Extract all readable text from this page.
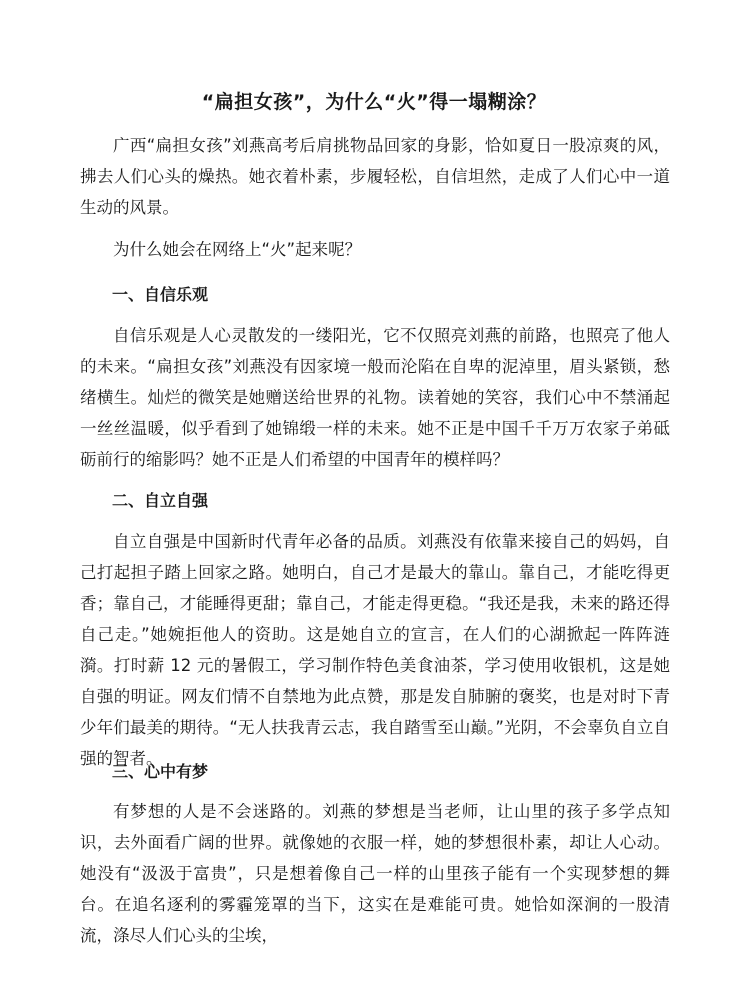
“扁担女孩”，为什么“火”得一塌糊涂？

广西“扁担女孩”刘燕高考后肩挑物品回家的身影，恰如夏日一股凉爽的风，拂去人们心头的燥热。她衣着朴素，步履轻松，自信坦然，走成了人们心中一道生动的风景。

为什么她会在网络上“火”起来呢？

一、自信乐观

自信乐观是人心灵散发的一缕阳光，它不仅照亮刘燕的前路，也照亮了他人的未来。“扁担女孩”刘燕没有因家境一般而沦陷在自卑的泥淖里，眉头紧锁，愁绪横生。灿烂的微笑是她赠送给世界的礼物。读着她的笑容，我们心中不禁涌起一丝丝温暖，似乎看到了她锦缎一样的未来。她不正是中国千千万万农家子弟砥砺前行的缩影吗？她不正是人们希望的中国青年的模样吗？

二、自立自强

自立自强是中国新时代青年必备的品质。刘燕没有依靠来接自己的妈妈，自己打起担子踏上回家之路。她明白，自己才是最大的靠山。靠自己，才能吃得更香；靠自己，才能睡得更甜；靠自己，才能走得更稳。“我还是我，未来的路还得自己走。”她婉拒他人的资助。这是她自立的宣言，在人们的心湖掀起一阵阵涟漪。打时薪 12 元的暑假工，学习制作特色美食油茶，学习使用收银机，这是她自强的明证。网友们情不自禁地为此点赞，那是发自肺腑的褒奖，也是对时下青少年们最美的期待。“无人扶我青云志，我自踏雪至山巅。”光阴，不会辜负自立自强的智者。

三、心中有梦

有梦想的人是不会迷路的。刘燕的梦想是当老师，让山里的孩子多学点知识，去外面看广阔的世界。就像她的衣服一样，她的梦想很朴素，却让人心动。她没有“汲汲于富贵”，只是想着像自己一样的山里孩子能有一个实现梦想的舞台。在追名逐利的雾霾笼罩的当下，这实在是难能可贵。她恰如深涧的一股清流，涤尽人们心头的尘埃，
